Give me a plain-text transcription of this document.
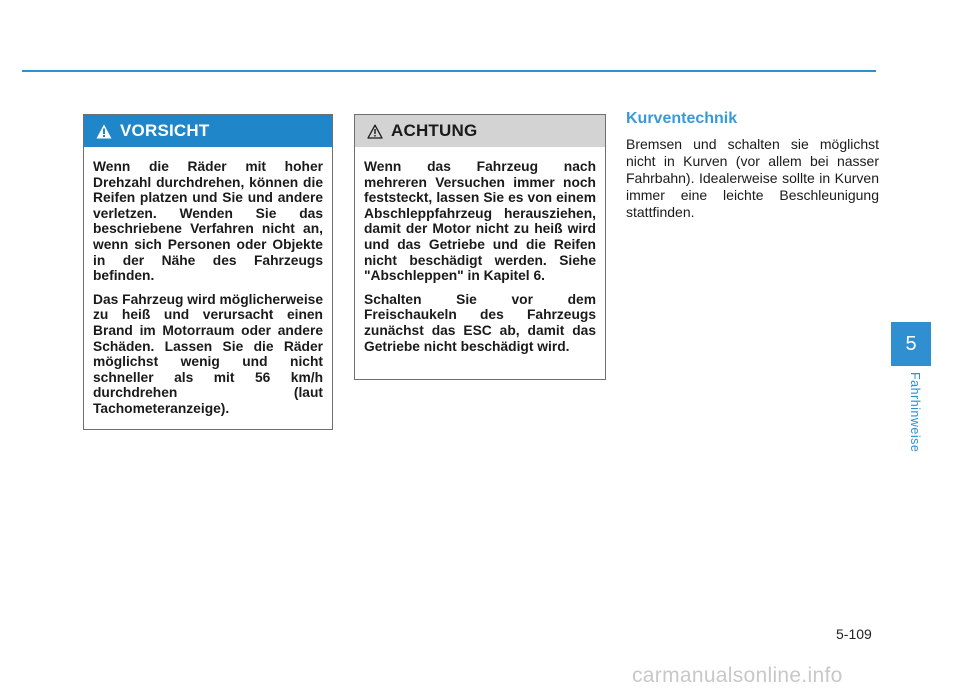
VORSICHT

Wenn die Räder mit hoher Drehzahl durchdrehen, können die Reifen platzen und Sie und andere verletzen. Wenden Sie das beschriebene Verfahren nicht an, wenn sich Personen oder Objekte in der Nähe des Fahrzeugs befinden.

Das Fahrzeug wird möglicherweise zu heiß und verursacht einen Brand im Motorraum oder andere Schäden. Lassen Sie die Räder möglichst wenig und nicht schneller als mit 56 km/h durchdrehen (laut Tachometeranzeige).

ACHTUNG

Wenn das Fahrzeug nach mehreren Versuchen immer noch feststeckt, lassen Sie es von einem Abschleppfahrzeug herausziehen, damit der Motor nicht zu heiß wird und das Getriebe und die Reifen nicht beschädigt werden. Siehe "Abschleppen" in Kapitel 6.

Schalten Sie vor dem Freischaukeln des Fahrzeugs zunächst das ESC ab, damit das Getriebe nicht beschädigt wird.

Kurventechnik

Bremsen und schalten sie möglichst nicht in Kurven (vor allem bei nasser Fahrbahn). Idealerweise sollte in Kurven immer eine leichte Beschleunigung stattfinden.

5
Fahrhinweise
5-109
carmanualsonline.info
